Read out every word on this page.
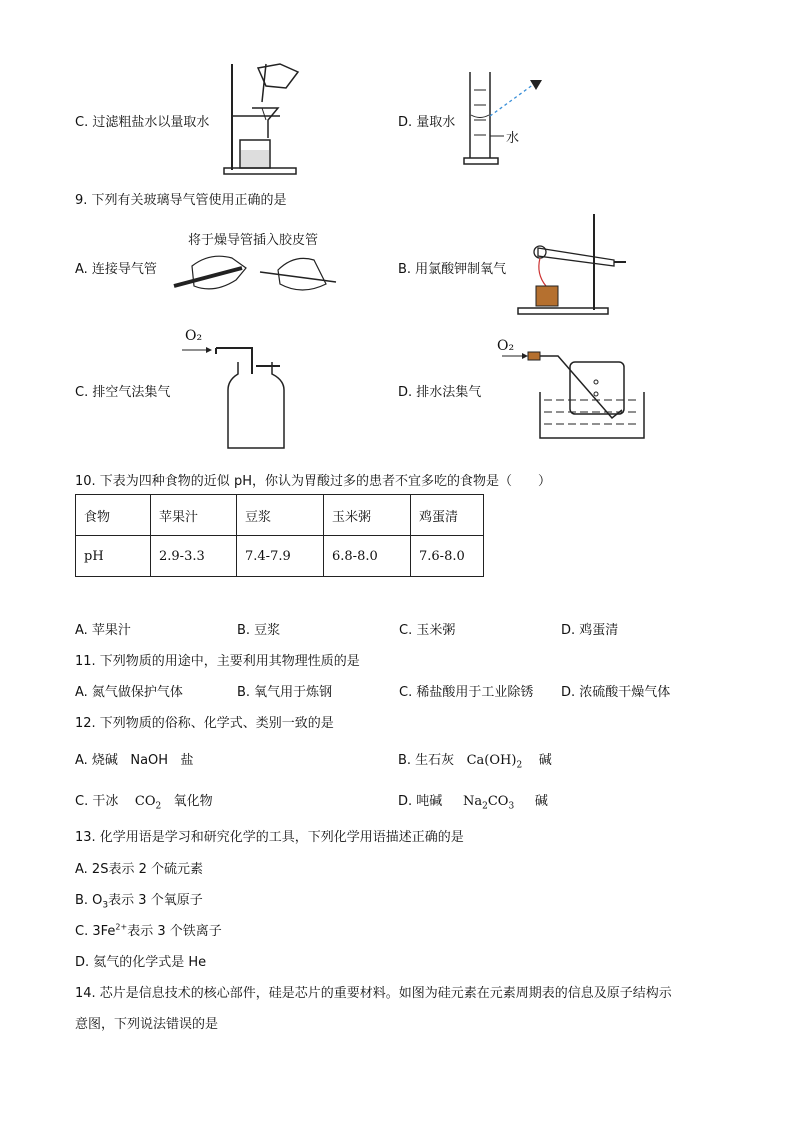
C. 过滤粗盐水以量取水	D. 量取水
水
9. 下列有关玻璃导气管使用正确的是
将于燥导管插入胶皮管
A. 连接导气管	B. 用氯酸钾制氧气
C. 排空气法集气
O₂
D. 排水法集气
O₂
10. 下表为四种食物的近似 pH，你认为胃酸过多的患者不宜多吃的食物是（　　）
食物	苹果汁	豆浆	玉米粥	鸡蛋清
pH	2.9-3.3	7.4-7.9	6.8-8.0	7.6-8.0
A. 苹果汁	B. 豆浆	C. 玉米粥	D. 鸡蛋清
11. 下列物质的用途中，主要利用其物理性质的是
A. 氮气做保护气体	B. 氧气用于炼钢	C. 稀盐酸用于工业除锈 D. 浓硫酸干燥气体
12. 下列物质的俗称、化学式、类别一致的是
A. 烧碱 NaOH 盐	B. 生石灰 $Ca(OH)_2$ 碱
C. 干冰 $CO_2$ 氧化物	D. 吨碱 $Na_2CO_3$ 碱
13. 化学用语是学习和研究化学的工具，下列化学用语描述正确的是
A. 2S表示 2 个硫元素
B. $O_3$表示 3 个氧原子
C. $3Fe^{2+}$表示 3 个铁离子
D. 氦气的化学式是 He
14. 芯片是信息技术的核心部件，硅是芯片的重要材料。如图为硅元素在元素周期表的信息及原子结构示
意图，下列说法错误的是
